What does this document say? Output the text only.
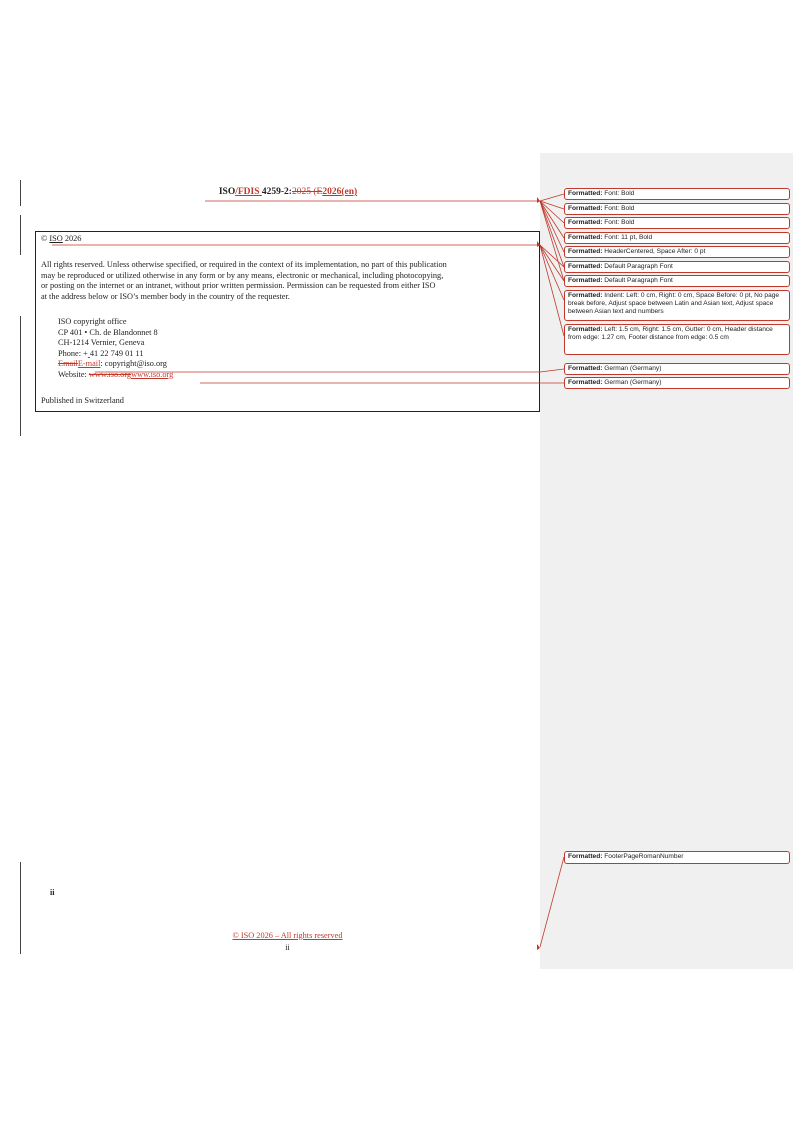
ISO/FDIS 4259-2:2025 (E2026(en)
© ISO 2026
All rights reserved. Unless otherwise specified, or required in the context of its implementation, no part of this publication
may be reproduced or utilized otherwise in any form or by any means, electronic or mechanical, including photocopying,
or posting on the internet or an intranet, without prior written permission. Permission can be requested from either ISO
at the address below or ISO’s member body in the country of the requester.
ISO copyright office
CP 401 • Ch. de Blandonnet 8
CH-1214 Vernier, Geneva
Phone: + 41 22 749 01 11
EmailE-mail: copyright@iso.org
Website: www.iso.orgwww.iso.org
Published in Switzerland
Formatted: Font: Bold
Formatted: Font: Bold
Formatted: Font: Bold
Formatted: Font: 11 pt, Bold
Formatted: HeaderCentered, Space After: 0 pt
Formatted: Default Paragraph Font
Formatted: Default Paragraph Font
Formatted: Indent: Left: 0 cm, Right: 0 cm, Space Before: 0 pt, No page break before, Adjust space between Latin and Asian text, Adjust space between Asian text and numbers
Formatted: Left: 1.5 cm, Right: 1.5 cm, Gutter: 0 cm, Header distance from edge: 1.27 cm, Footer distance from edge: 0.5 cm
Formatted: German (Germany)
Formatted: German (Germany)
Formatted: FooterPageRomanNumber
ii
© ISO 2026 – All rights reserved
ii
